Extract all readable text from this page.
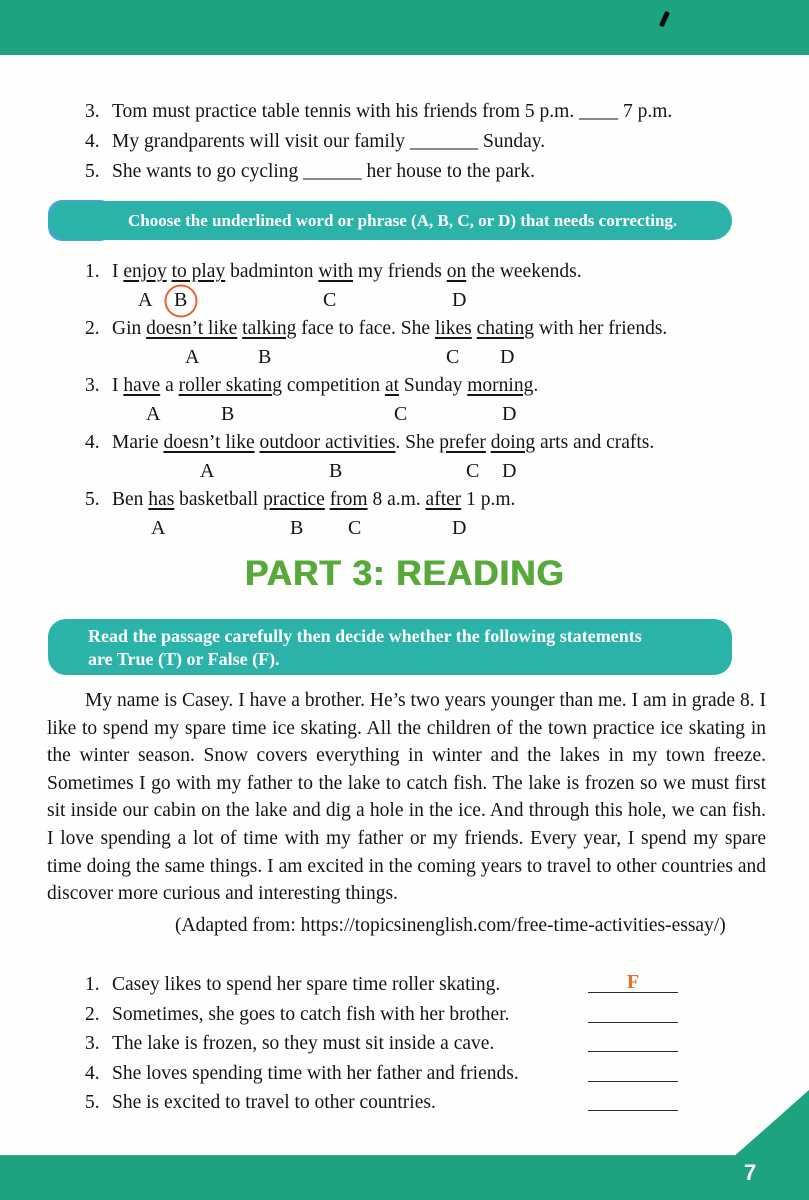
3. Tom must practice table tennis with his friends from 5 p.m. ____ 7 p.m.
4. My grandparents will visit our family _______ Sunday.
5. She wants to go cycling ______ her house to the park.
Choose the underlined word or phrase (A, B, C, or D) that needs correcting.
1. I enjoy to play badminton with my friends on the weekends.
A B	C	D
2. Gin doesn’t like talking face to face. She likes chating with her friends.
A	B	C D
3. I have a roller skating competition at Sunday morning.
A	B	C	D
4. Marie doesn’t like outdoor activities. She prefer doing arts and crafts.
A	B	C D
5. Ben has basketball practice from 8 a.m. after 1 p.m.
A	B C	D
PART 3: READING
Read the passage carefully then decide whether the following statements
are True (T) or False (F).
My name is Casey. I have a brother. He’s two years younger than me. I am in grade 8. I like to spend my spare time ice skating. All the children of the town practice ice skating in the winter season. Snow covers everything in winter and the lakes in my town freeze. Sometimes I go with my father to the lake to catch fish. The lake is frozen so we must first sit inside our cabin on the lake and dig a hole in the ice. And through this hole, we can fish. I love spending a lot of time with my father or my friends. Every year, I spend my spare time doing the same things. I am excited in the coming years to travel to other countries and discover more curious and interesting things.
(Adapted from: https://topicsinenglish.com/free-time-activities-essay/)
1. Casey likes to spend her spare time roller skating.	F
2. Sometimes, she goes to catch fish with her brother.
3. The lake is frozen, so they must sit inside a cave.
4. She loves spending time with her father and friends.
5. She is excited to travel to other countries.
7
